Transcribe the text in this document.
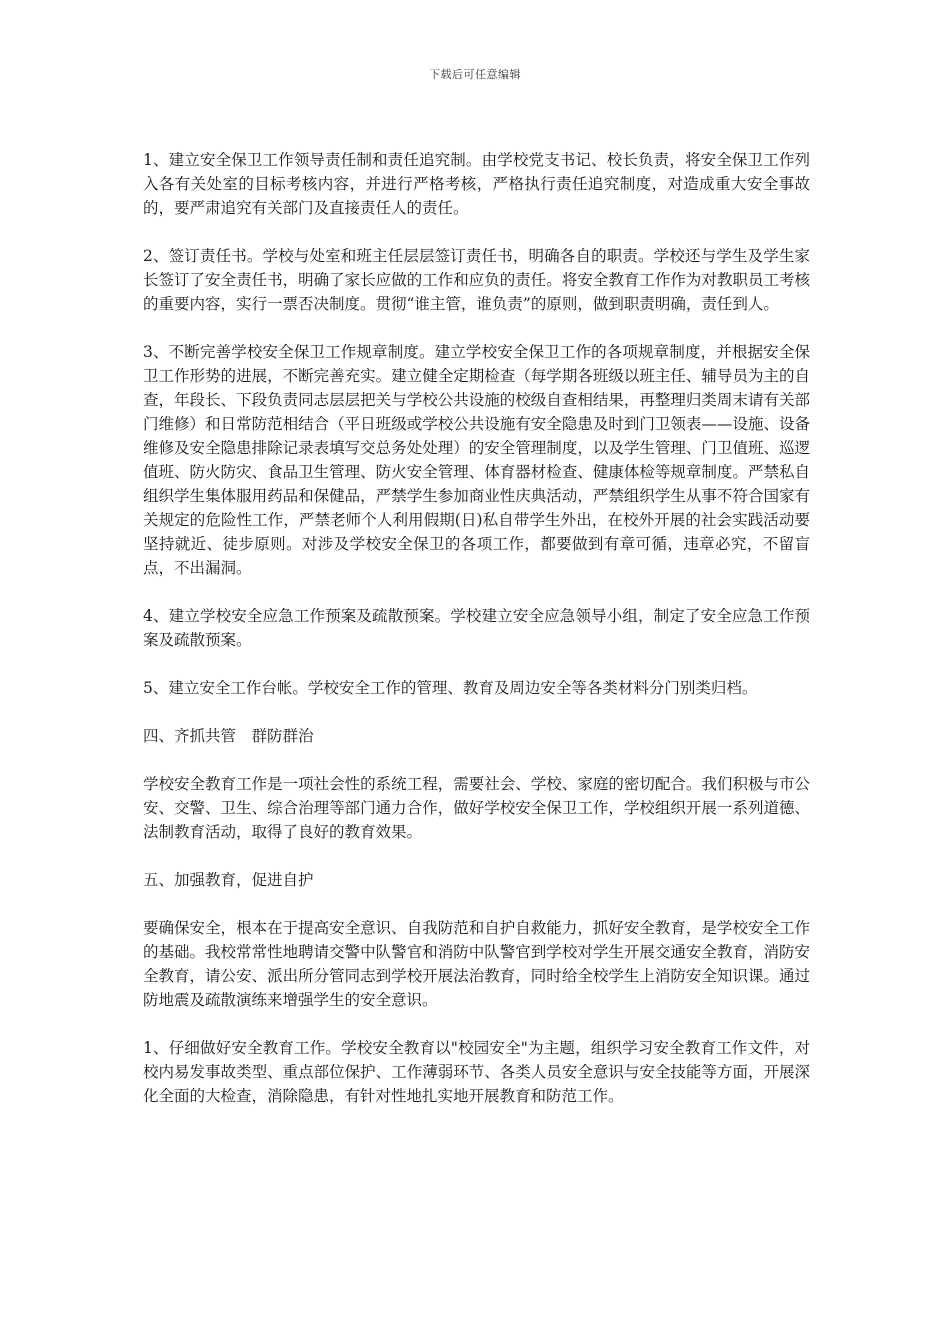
下载后可任意编辑

1、建立安全保卫工作领导责任制和责任追究制。由学校党支书记、校长负责，将安全保卫工作列入各有关处室的目标考核内容，并进行严格考核，严格执行责任追究制度，对造成重大安全事故的，要严肃追究有关部门及直接责任人的责任。

2、签订责任书。学校与处室和班主任层层签订责任书，明确各自的职责。学校还与学生及学生家长签订了安全责任书，明确了家长应做的工作和应负的责任。将安全教育工作作为对教职员工考核的重要内容，实行一票否决制度。贯彻“谁主管，谁负责”的原则，做到职责明确，责任到人。

3、不断完善学校安全保卫工作规章制度。建立学校安全保卫工作的各项规章制度，并根据安全保卫工作形势的进展，不断完善充实。建立健全定期检查（每学期各班级以班主任、辅导员为主的自查，年段长、下段负责同志层层把关与学校公共设施的校级自查相结果，再整理归类周末请有关部门维修）和日常防范相结合（平日班级或学校公共设施有安全隐患及时到门卫领表——设施、设备维修及安全隐患排除记录表填写交总务处处理）的安全管理制度，以及学生管理、门卫值班、巡逻值班、防火防灾、食品卫生管理、防火安全管理、体育器材检查、健康体检等规章制度。严禁私自组织学生集体服用药品和保健品，严禁学生参加商业性庆典活动，严禁组织学生从事不符合国家有关规定的危险性工作，严禁老师个人利用假期(日)私自带学生外出，在校外开展的社会实践活动要坚持就近、徒步原则。对涉及学校安全保卫的各项工作，都要做到有章可循，违章必究，不留盲点，不出漏洞。

4、建立学校安全应急工作预案及疏散预案。学校建立安全应急领导小组，制定了安全应急工作预案及疏散预案。

5、建立安全工作台帐。学校安全工作的管理、教育及周边安全等各类材料分门别类归档。

四、齐抓共管　群防群治

学校安全教育工作是一项社会性的系统工程，需要社会、学校、家庭的密切配合。我们积极与市公安、交警、卫生、综合治理等部门通力合作，做好学校安全保卫工作，学校组织开展一系列道德、法制教育活动，取得了良好的教育效果。

五、加强教育，促进自护

要确保安全，根本在于提高安全意识、自我防范和自护自救能力，抓好安全教育，是学校安全工作的基础。我校常常性地聘请交警中队警官和消防中队警官到学校对学生开展交通安全教育，消防安全教育，请公安、派出所分管同志到学校开展法治教育，同时给全校学生上消防安全知识课。通过防地震及疏散演练来增强学生的安全意识。

1、仔细做好安全教育工作。学校安全教育以"校园安全"为主题，组织学习安全教育工作文件，对校内易发事故类型、重点部位保护、工作薄弱环节、各类人员安全意识与安全技能等方面，开展深化全面的大检查，消除隐患，有针对性地扎实地开展教育和防范工作。
